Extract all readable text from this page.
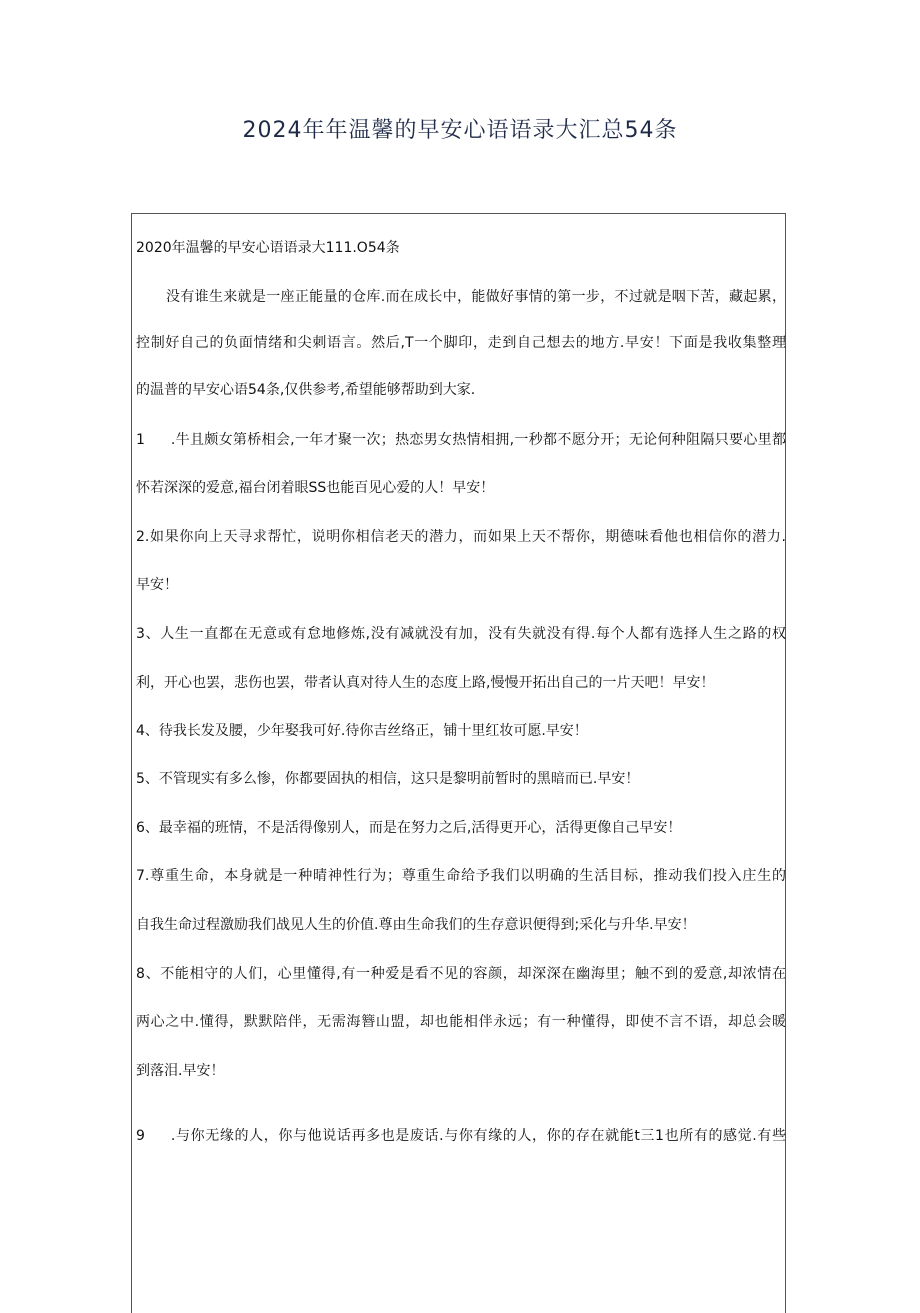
2024年年温馨的早安心语语录大汇总54条
2020年温馨的早安心语语录大111.O54条
没有谁生来就是一座正能量的仓库.而在成长中，能做好事情的第一步，不过就是咽下苦，藏起累，
控制好自己的负面情绪和尖刺语言。然后,T一个脚印，走到自己想去的地方.早安！下面是我收集整理
的温普的早安心语54条,仅供参考,希望能够帮助到大家.
1 .牛且颇女第桥相会,一年才聚一次；热恋男女热情相拥,一秒都不愿分开；无论何种阻隔只要心里都
怀若深深的爱意,福台闭着眼SS也能百见心爱的人！早安！
2.如果你向上天寻求帮忙，说明你相信老天的潜力，而如果上天不帮你，期德味看他也相信你的潜力.
早安！
3、人生一直都在无意或有怠地修炼,没有减就没有加，没有失就没有得.每个人都有选择人生之路的权
利，开心也罢，悲伤也罢，带者认真对待人生的态度上路,慢慢开拓出自己的一片天吧！早安！
4、待我长发及腰，少年娶我可好.待你吉丝络正，铺十里红妆可愿.早安！
5、不管现实有多么惨，你都要固执的相信，这只是黎明前暂时的黑暗而已.早安！
6、最幸福的班情，不是活得像别人，而是在努力之后,活得更开心，活得更像自己早安！
7.尊重生命，本身就是一种晴神性行为；尊重生命给予我们以明确的生活目标，推动我们投入庄生的
自我生命过程激励我们战见人生的价值.尊由生命我们的生存意识便得到;采化与升华.早安！
8、不能相守的人们，心里懂得,有一种爱是看不见的容颜，却深深在幽海里；触不到的爱意,却浓情在
两心之中.懂得，默默陪伴，无需海簪山盟，却也能相伴永远；有一种懂得，即使不言不语，却总会暖
到落泪.早安！
9 .与你无缘的人，你与他说话再多也是废话.与你有缘的人，你的存在就能t三1也所有的感觉.有些
